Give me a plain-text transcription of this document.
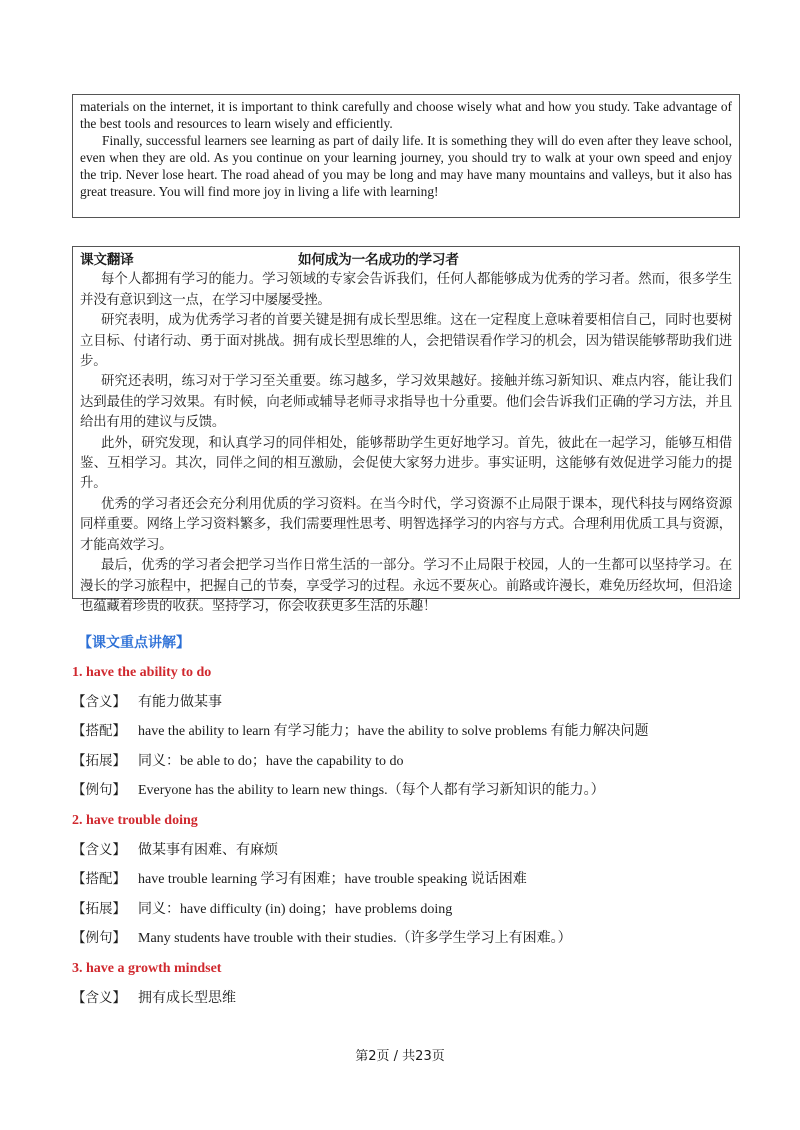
materials on the internet, it is important to think carefully and choose wisely what and how you study. Take advantage of the best tools and resources to learn wisely and efficiently.

Finally, successful learners see learning as part of daily life. It is something they will do even after they leave school, even when they are old. As you continue on your learning journey, you should try to walk at your own speed and enjoy the trip. Never lose heart. The road ahead of you may be long and may have many mountains and valleys, but it also has great treasure. You will find more joy in living a life with learning!

课文翻译	如何成为一名成功的学习者

每个人都拥有学习的能力。学习领域的专家会告诉我们，任何人都能够成为优秀的学习者。然而，很多学生并没有意识到这一点，在学习中屡屡受挫。

研究表明，成为优秀学习者的首要关键是拥有成长型思维。这在一定程度上意味着要相信自己，同时也要树立目标、付诸行动、勇于面对挑战。拥有成长型思维的人，会把错误看作学习的机会，因为错误能够帮助我们进步。

研究还表明，练习对于学习至关重要。练习越多，学习效果越好。接触并练习新知识、难点内容，能让我们达到最佳的学习效果。有时候，向老师或辅导老师寻求指导也十分重要。他们会告诉我们正确的学习方法，并且给出有用的建议与反馈。

此外，研究发现，和认真学习的同伴相处，能够帮助学生更好地学习。首先，彼此在一起学习，能够互相借鉴、互相学习。其次，同伴之间的相互激励，会促使大家努力进步。事实证明，这能够有效促进学习能力的提升。

优秀的学习者还会充分利用优质的学习资料。在当今时代，学习资源不止局限于课本，现代科技与网络资源同样重要。网络上学习资料繁多，我们需要理性思考、明智选择学习的内容与方式。合理利用优质工具与资源，才能高效学习。

最后，优秀的学习者会把学习当作日常生活的一部分。学习不止局限于校园，人的一生都可以坚持学习。在漫长的学习旅程中，把握自己的节奏，享受学习的过程。永远不要灰心。前路或许漫长，难免历经坎坷，但沿途也蕴藏着珍贵的收获。坚持学习，你会收获更多生活的乐趣！

【课文重点讲解】
1. have the ability to do
【含义】 有能力做某事
【搭配】 have the ability to learn 有学习能力；have the ability to solve problems 有能力解决问题
【拓展】 同义：be able to do；have the capability to do
【例句】 Everyone has the ability to learn new things.（每个人都有学习新知识的能力。）
2. have trouble doing
【含义】 做某事有困难、有麻烦
【搭配】 have trouble learning 学习有困难；have trouble speaking 说话困难
【拓展】 同义：have difficulty (in) doing；have problems doing
【例句】 Many students have trouble with their studies.（许多学生学习上有困难。）
3. have a growth mindset
【含义】 拥有成长型思维
第2页 / 共23页
